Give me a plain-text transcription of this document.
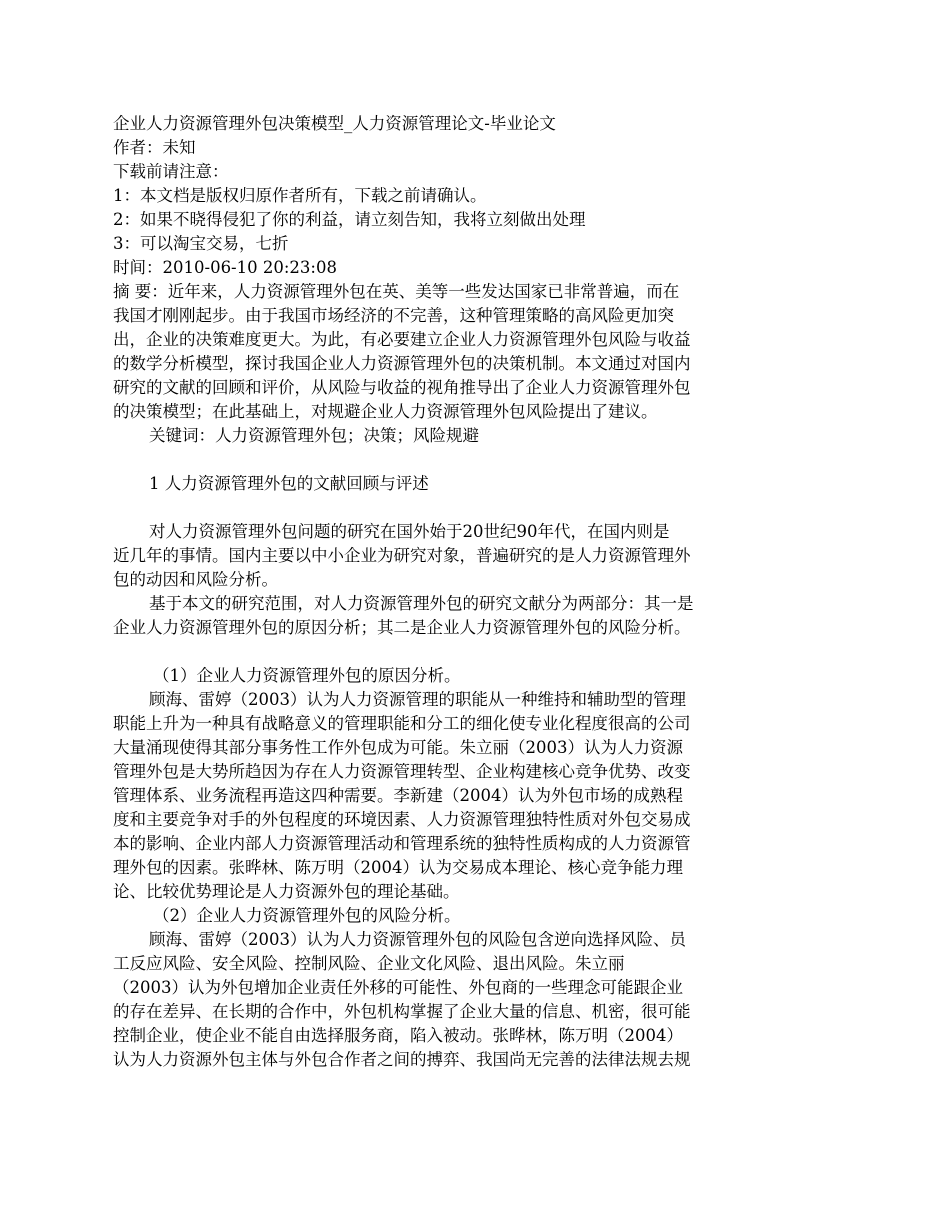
企业人力资源管理外包决策模型_人力资源管理论文-毕业论文
作者：未知
下载前请注意：
1：本文档是版权归原作者所有，下载之前请确认。
2：如果不晓得侵犯了你的利益，请立刻告知，我将立刻做出处理
3：可以淘宝交易，七折
时间：2010-06-10 20:23:08
摘 要：近年来，人力资源管理外包在英、美等一些发达国家已非常普遍，而在
我国才刚刚起步。由于我国市场经济的不完善，这种管理策略的高风险更加突
出，企业的决策难度更大。为此，有必要建立企业人力资源管理外包风险与收益
的数学分析模型，探讨我国企业人力资源管理外包的决策机制。本文通过对国内
研究的文献的回顾和评价，从风险与收益的视角推导出了企业人力资源管理外包
的决策模型；在此基础上，对规避企业人力资源管理外包风险提出了建议。
关键词：人力资源管理外包；决策；风险规避
1 人力资源管理外包的文献回顾与评述
对人力资源管理外包问题的研究在国外始于20世纪90年代，在国内则是
近几年的事情。国内主要以中小企业为研究对象，普遍研究的是人力资源管理外
包的动因和风险分析。
基于本文的研究范围，对人力资源管理外包的研究文献分为两部分：其一是
企业人力资源管理外包的原因分析；其二是企业人力资源管理外包的风险分析。
（1）企业人力资源管理外包的原因分析。
顾海、雷婷（2003）认为人力资源管理的职能从一种维持和辅助型的管理
职能上升为一种具有战略意义的管理职能和分工的细化使专业化程度很高的公司
大量涌现使得其部分事务性工作外包成为可能。朱立丽（2003）认为人力资源
管理外包是大势所趋因为存在人力资源管理转型、企业构建核心竞争优势、改变
管理体系、业务流程再造这四种需要。李新建（2004）认为外包市场的成熟程
度和主要竞争对手的外包程度的环境因素、人力资源管理独特性质对外包交易成
本的影响、企业内部人力资源管理活动和管理系统的独特性质构成的人力资源管
理外包的因素。张晔林、陈万明（2004）认为交易成本理论、核心竞争能力理
论、比较优势理论是人力资源外包的理论基础。
（2）企业人力资源管理外包的风险分析。
顾海、雷婷（2003）认为人力资源管理外包的风险包含逆向选择风险、员
工反应风险、安全风险、控制风险、企业文化风险、退出风险。朱立丽
（2003）认为外包增加企业责任外移的可能性、外包商的一些理念可能跟企业
的存在差异、在长期的合作中，外包机构掌握了企业大量的信息、机密，很可能
控制企业，使企业不能自由选择服务商，陷入被动。张晔林，陈万明（2004）
认为人力资源外包主体与外包合作者之间的搏弈、我国尚无完善的法律法规去规
